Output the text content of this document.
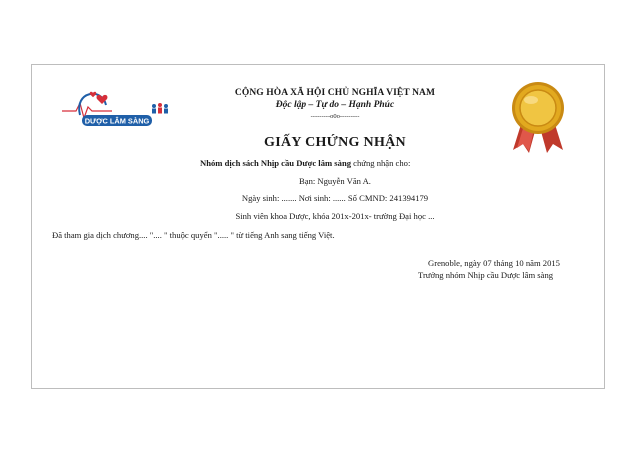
DƯỢC LÂM SÀNG
CỘNG HÒA XÃ HỘI CHỦ NGHĨA VIỆT NAM
Độc lập – Tự do – Hạnh Phúc
---------o0o---------
GIẤY CHỨNG NHẬN
Nhóm dịch sách Nhịp cầu Dược lâm sàng chứng nhận cho:
Bạn: Nguyễn Văn A.
Ngày sinh: ....... Nơi sinh: ...... Số CMND: 241394179
Sinh viên khoa Dược, khóa 201x-201x- trường Đại học ...
Đã tham gia dịch chương.... ".... " thuộc quyển "..... " từ tiếng Anh sang tiếng Việt.
Grenoble, ngày 07 tháng 10 năm 2015
Trưởng nhóm Nhịp cầu Dược lâm sàng
